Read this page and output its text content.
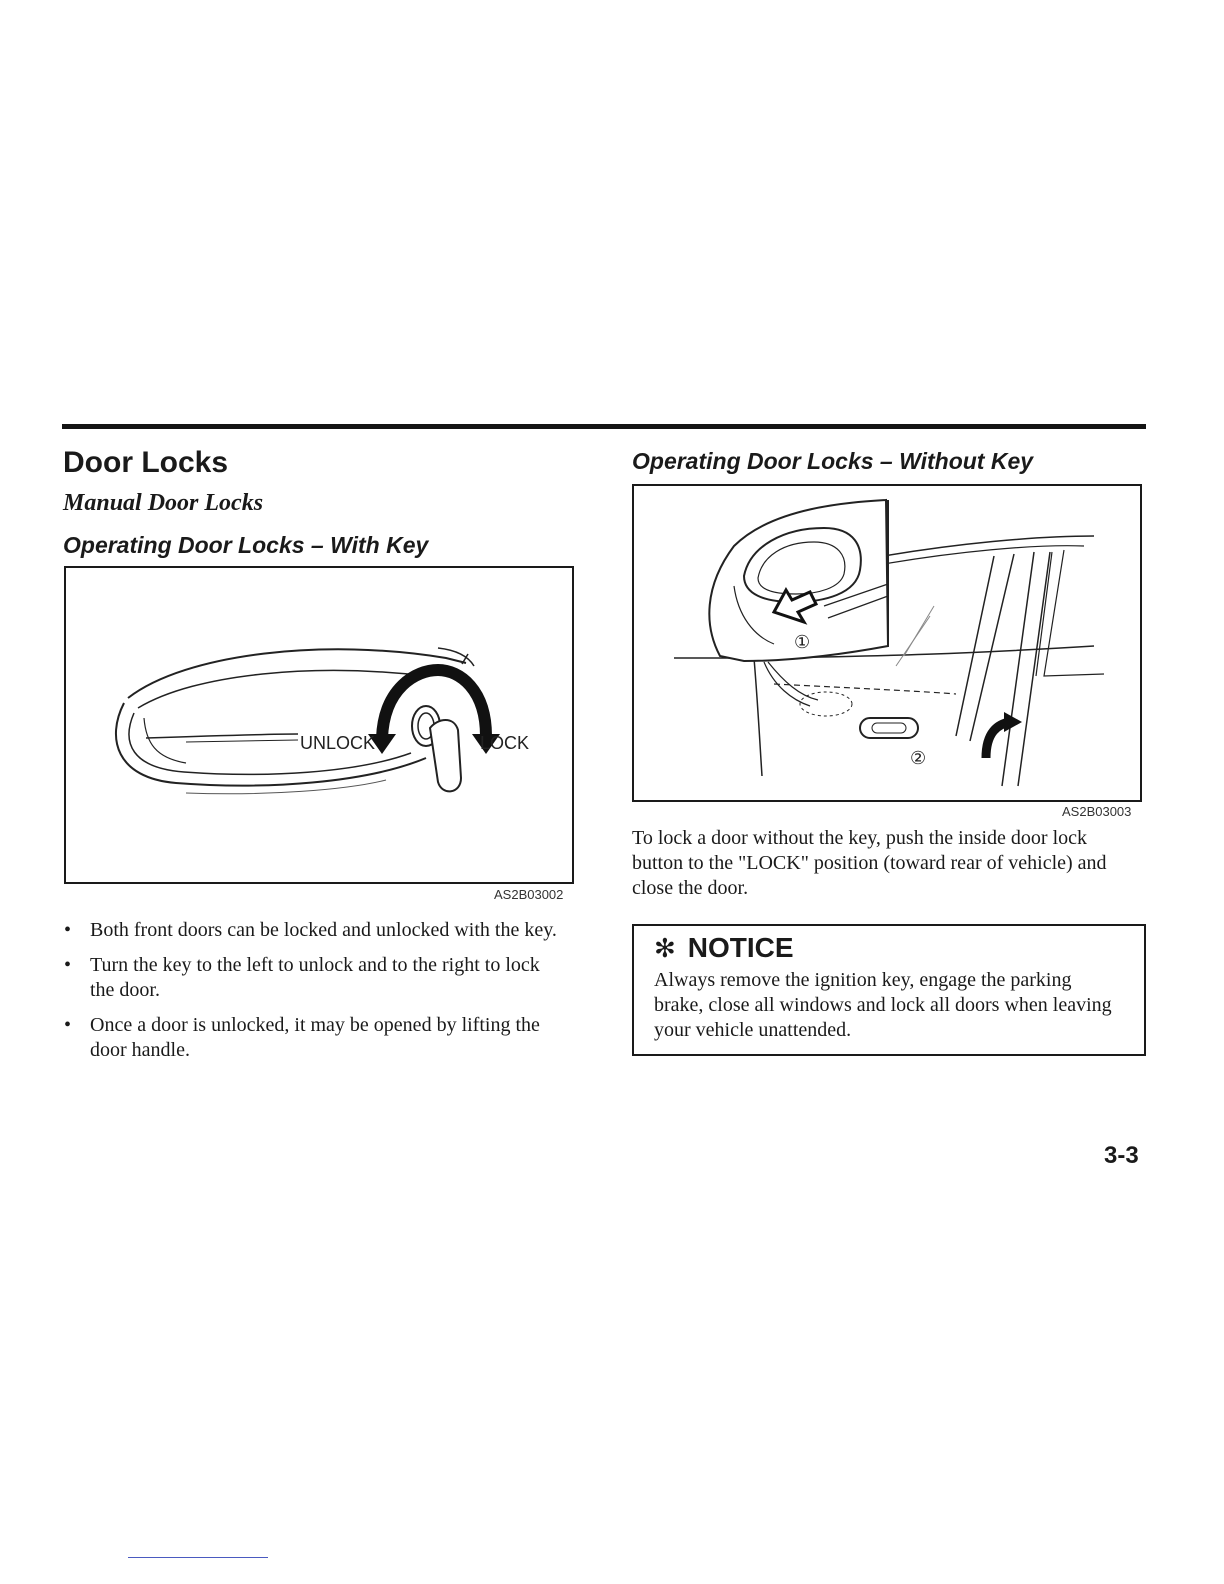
Door Locks
Manual Door Locks
Operating Door Locks – With Key
UNLOCK	LOCK
AS2B03002
• Both front doors can be locked and unlocked with the key.
• Turn the key to the left to unlock and to the right to lock the door.
• Once a door is unlocked, it may be opened by lifting the door handle.
Operating Door Locks – Without Key
①
②
AS2B03003

To lock a door without the key, push the inside door lock button to the "LOCK" position (toward rear of vehicle) and close the door.

✻ NOTICE
Always remove the ignition key, engage the parking brake, close all windows and lock all doors when leaving your vehicle unattended.
3-3
